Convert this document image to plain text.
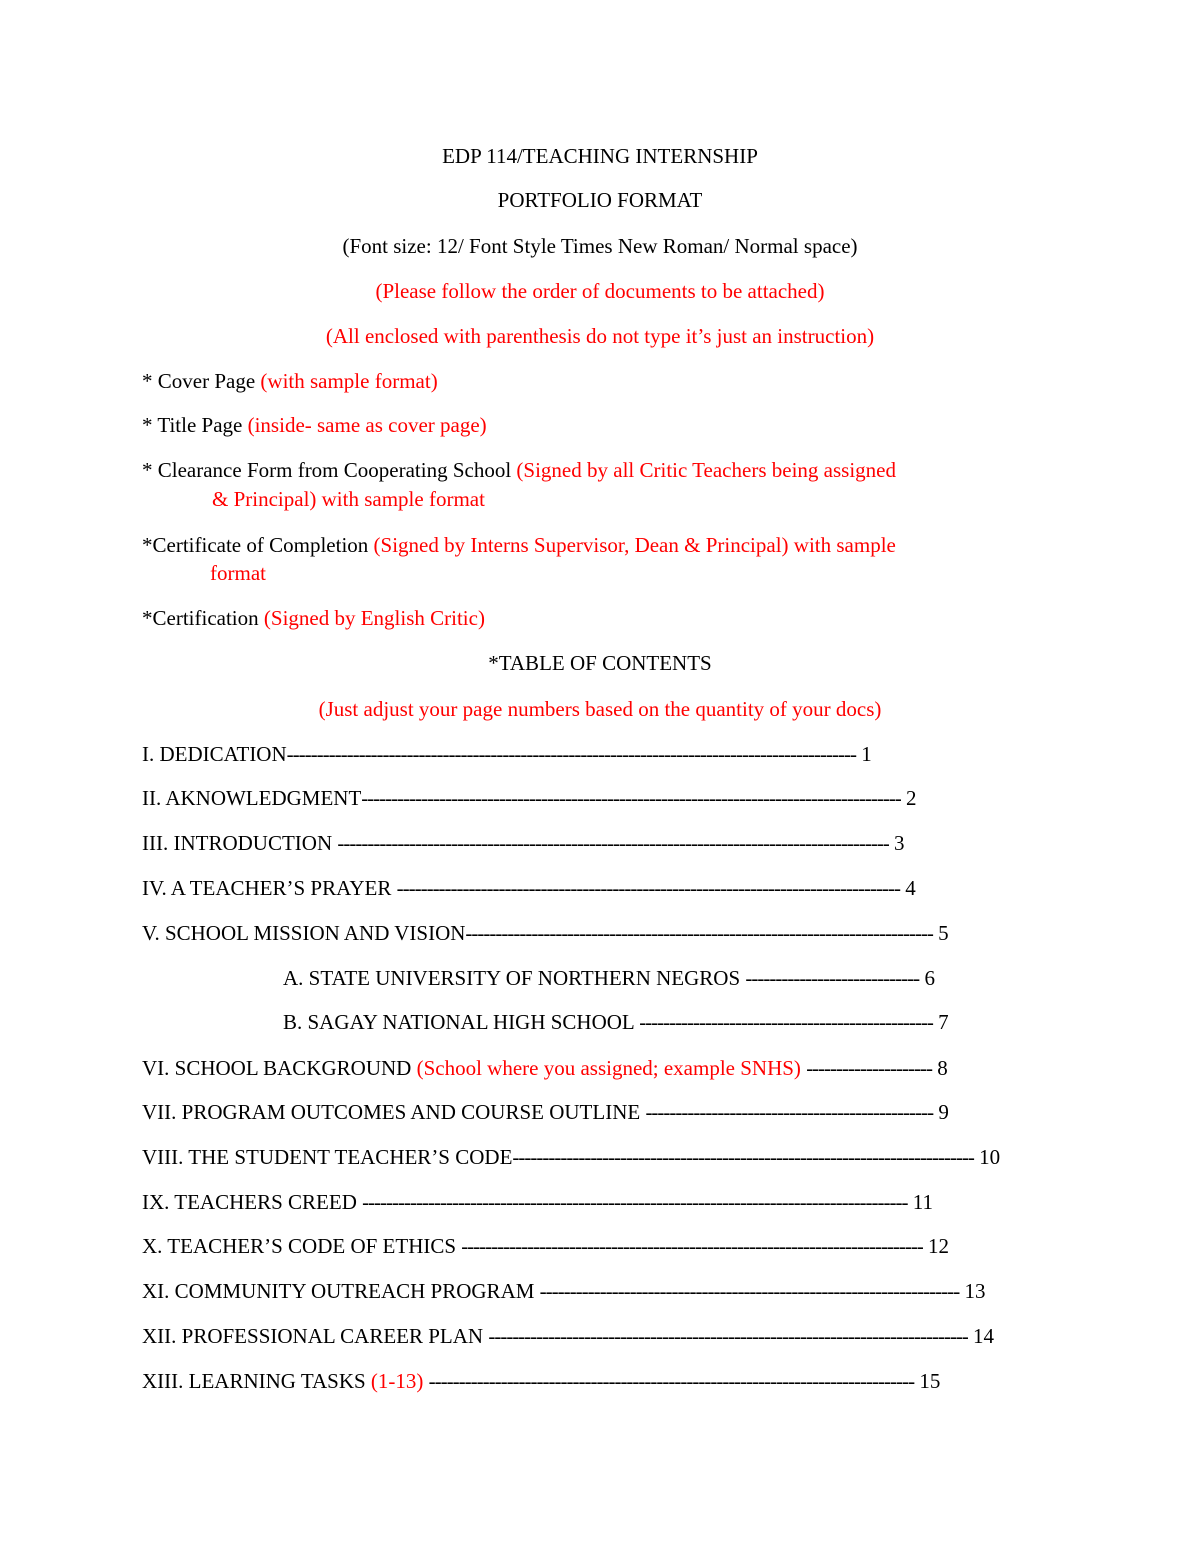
EDP 114/TEACHING INTERNSHIP
PORTFOLIO FORMAT
(Font size: 12/ Font Style Times New Roman/ Normal space)
(Please follow the order of documents to be attached)
(All enclosed with parenthesis do not type it’s just an instruction)
* Cover Page (with sample format)
* Title Page (inside- same as cover page)
* Clearance Form from Cooperating School (Signed by all Critic Teachers being assigned
& Principal) with sample format
*Certificate of Completion (Signed by Interns Supervisor, Dean & Principal) with sample
format
*Certification (Signed by English Critic)
*TABLE OF CONTENTS
(Just adjust your page numbers based on the quantity of your docs)
I. DEDICATION----------------------------------------------------------------------------------------------- 1
II. AKNOWLEDGMENT------------------------------------------------------------------------------------------ 2
III. INTRODUCTION -------------------------------------------------------------------------------------------- 3
IV. A TEACHER’S PRAYER ------------------------------------------------------------------------------------ 4
V. SCHOOL MISSION AND VISION------------------------------------------------------------------------------ 5
A. STATE UNIVERSITY OF NORTHERN NEGROS ----------------------------- 6
B. SAGAY NATIONAL HIGH SCHOOL ------------------------------------------------- 7
VI. SCHOOL BACKGROUND (School where you assigned; example SNHS) --------------------- 8
VII. PROGRAM OUTCOMES AND COURSE OUTLINE ------------------------------------------------ 9
VIII. THE STUDENT TEACHER’S CODE----------------------------------------------------------------------------- 10
IX. TEACHERS CREED ------------------------------------------------------------------------------------------- 11
X. TEACHER’S CODE OF ETHICS ----------------------------------------------------------------------------- 12
XI. COMMUNITY OUTREACH PROGRAM ---------------------------------------------------------------------- 13
XII. PROFESSIONAL CAREER PLAN -------------------------------------------------------------------------------- 14
XIII. LEARNING TASKS (1-13) --------------------------------------------------------------------------------- 15
